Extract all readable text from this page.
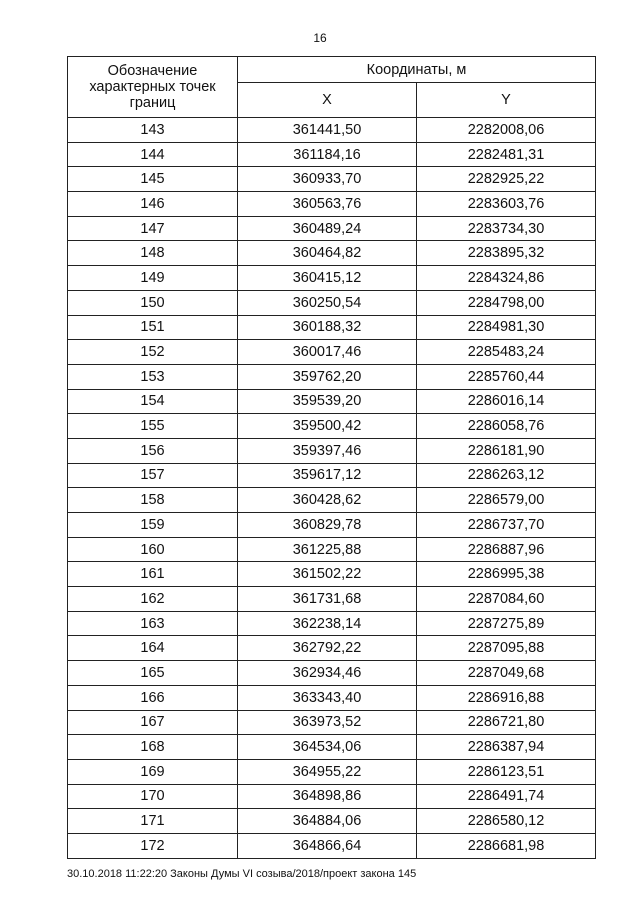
16
Обозначение характерных точек границ	Координаты, м	
	X	Y
143	361441,50	2282008,06
144	361184,16	2282481,31
145	360933,70	2282925,22
146	360563,76	2283603,76
147	360489,24	2283734,30
148	360464,82	2283895,32
149	360415,12	2284324,86
150	360250,54	2284798,00
151	360188,32	2284981,30
152	360017,46	2285483,24
153	359762,20	2285760,44
154	359539,20	2286016,14
155	359500,42	2286058,76
156	359397,46	2286181,90
157	359617,12	2286263,12
158	360428,62	2286579,00
159	360829,78	2286737,70
160	361225,88	2286887,96
161	361502,22	2286995,38
162	361731,68	2287084,60
163	362238,14	2287275,89
164	362792,22	2287095,88
165	362934,46	2287049,68
166	363343,40	2286916,88
167	363973,52	2286721,80
168	364534,06	2286387,94
169	364955,22	2286123,51
170	364898,86	2286491,74
171	364884,06	2286580,12
172	364866,64	2286681,98
30.10.2018 11:22:20 Законы Думы VI созыва/2018/проект закона 145
